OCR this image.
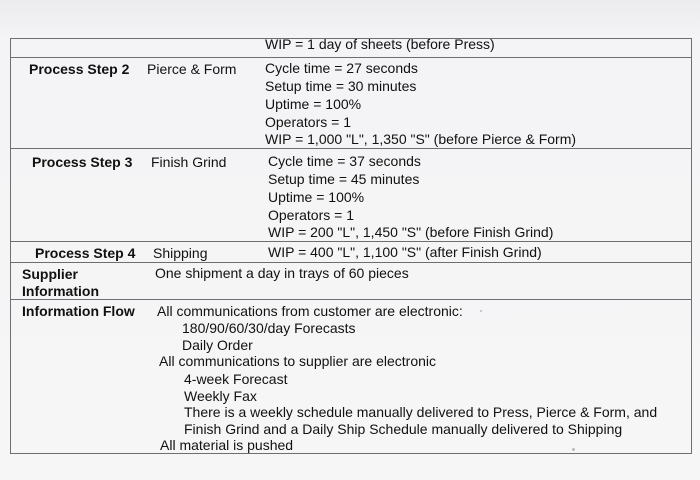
WIP = 1 day of sheets (before Press)
Process Step 2 Pierce & Form Cycle time = 27 seconds
Setup time = 30 minutes
Uptime = 100%
Operators = 1
WIP = 1,000 "L", 1,350 "S" (before Pierce & Form)
Process Step 3 Finish Grind	Cycle time = 37 seconds
Setup time = 45 minutes
Uptime = 100%
Operators = 1
WIP = 200 "L", 1,450 "S" (before Finish Grind)
Process Step 4 Shipping	WIP = 400 "L", 1,100 "S" (after Finish Grind)
Supplier
Information
One shipment a day in trays of 60 pieces
Information Flow All communications from customer are electronic:
180/90/60/30/day Forecasts
Daily Order
All communications to supplier are electronic
4-week Forecast
Weekly Fax
There is a weekly schedule manually delivered to Press, Pierce & Form, and
Finish Grind and a Daily Ship Schedule manually delivered to Shipping
All material is pushed
